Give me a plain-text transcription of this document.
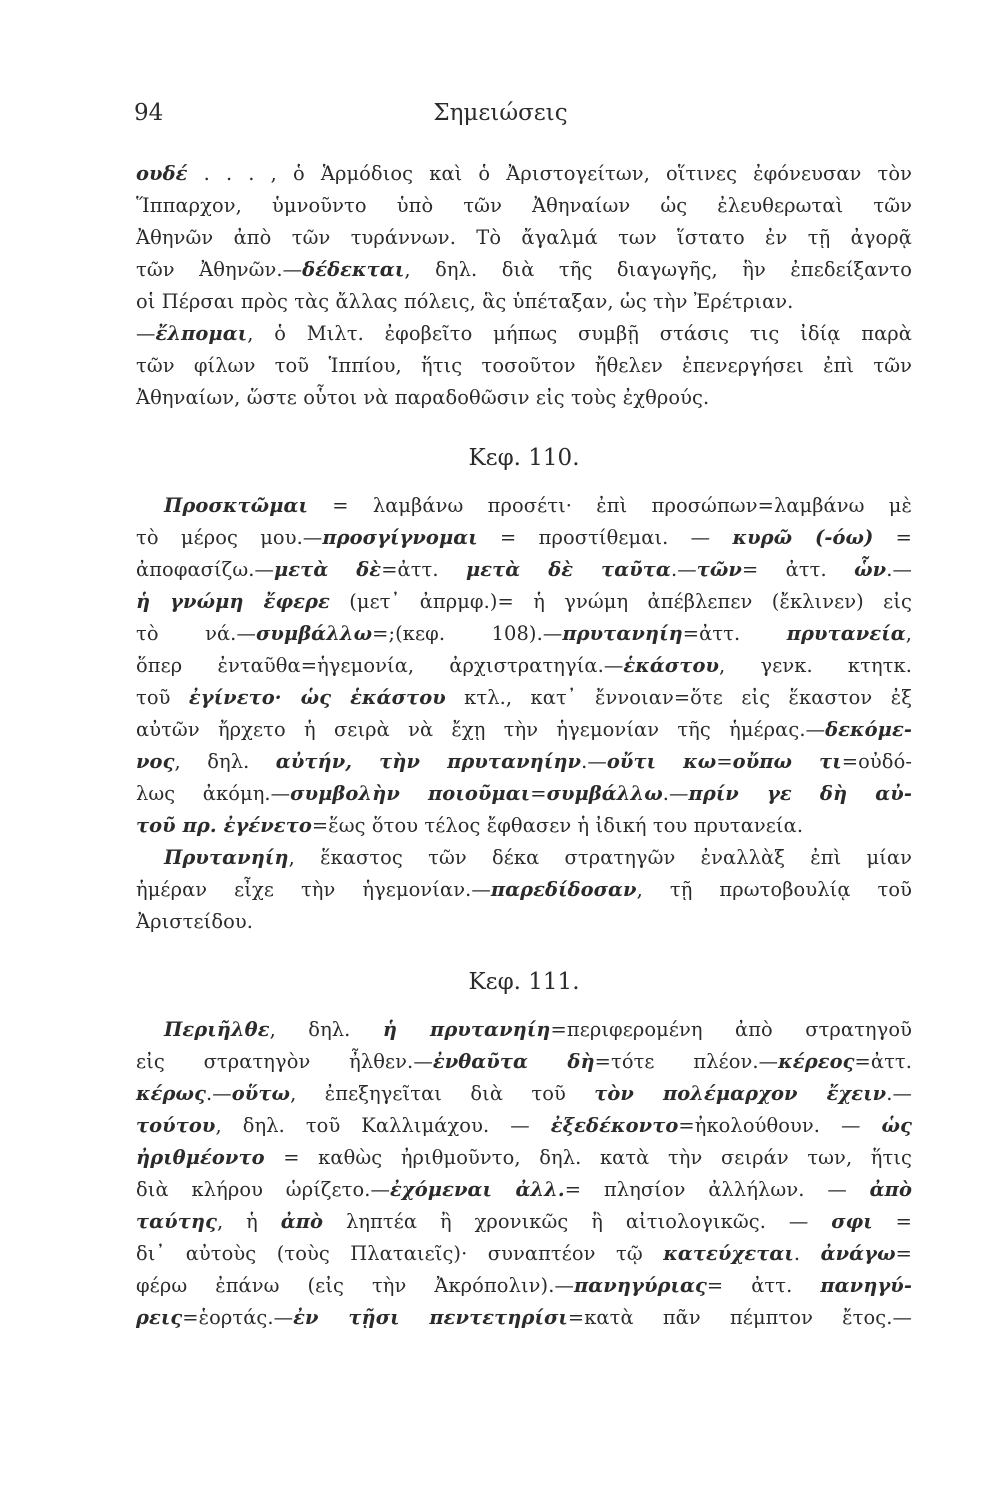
94	Σημειώσεις
ουδέ . . . , ὁ Ἁρμόδιος καὶ ὁ Ἀριστογείτων, οἵτινες ἐφόνευσαν τὸν
Ἵππαρχον, ὑμνοῦντο ὑπὸ τῶν Ἀθηναίων ὡς ἐλευθερωταὶ τῶν
Ἀθηνῶν ἀπὸ τῶν τυράννων. Τὸ ἄγαλμά των ἵστατο ἐν τῇ ἀγορᾷ
τῶν Ἀθηνῶν.—δέδεκται, δηλ. διὰ τῆς διαγωγῆς, ἣν ἐπεδείξαντο
οἱ Πέρσαι πρὸς τὰς ἄλλας πόλεις, ἃς ὑπέταξαν, ὡς τὴν Ἐρέτριαν.
—ἔλπομαι, ὁ Μιλτ. ἐφοβεῖτο μήπως συμβῇ στάσις τις ἰδίᾳ παρὰ
τῶν φίλων τοῦ Ἱππίου, ἥτις τοσοῦτον ἤθελεν ἐπενεργήσει ἐπὶ τῶν
Ἀθηναίων, ὥστε οὗτοι νὰ παραδοθῶσιν εἰς τοὺς ἐχθρούς.
Κεφ. 110.
Προσκτῶμαι = λαμβάνω προσέτι· ἐπὶ προσώπων=λαμβάνω μὲ
τὸ μέρος μου.—προσγίγνομαι = προστίθεμαι. — κυρῶ (-όω) =
ἀποφασίζω.—μετὰ δὲ=ἀττ. μετὰ δὲ ταῦτα.—τῶν= ἀττ. ὧν.—
ἡ γνώμη ἔφερε (μετ᾽ ἀπρμφ.)= ἡ γνώμη ἀπέβλεπεν (ἔκλινεν) εἰς
τὸ νά.—συμβάλλω=;(κεφ. 108).—πρυτανηίη=ἀττ. πρυτανεία,
ὅπερ ἐνταῦθα=ἡγεμονία, ἀρχιστρατηγία.—ἑκάστου, γενκ. κτητκ.
τοῦ ἐγίνετο· ὡς ἑκάστου κτλ., κατ᾽ ἔννοιαν=ὅτε εἰς ἕκαστον ἐξ
αὐτῶν ἤρχετο ἡ σειρὰ νὰ ἔχῃ τὴν ἡγεμονίαν τῆς ἡμέρας.—δεκόμε-
νος, δηλ. αὐτήν, τὴν πρυτανηίην.—οὔτι κω=οὔπω τι=οὐδό-
λως ἀκόμη.—συμβολὴν ποιοῦμαι=συμβάλλω.—πρίν γε δὴ αὐ-
τοῦ πρ. ἐγένετο=ἕως ὅτου τέλος ἔφθασεν ἡ ἰδική του πρυτανεία.
Πρυτανηίη, ἕκαστος τῶν δέκα στρατηγῶν ἐναλλὰξ ἐπὶ μίαν
ἡμέραν εἶχε τὴν ἡγεμονίαν.—παρεδίδοσαν, τῇ πρωτοβουλίᾳ τοῦ
Ἀριστείδου.
Κεφ. 111.
Περιῆλθε, δηλ. ἡ πρυτανηίη=περιφερομένη ἀπὸ στρατηγοῦ
εἰς στρατηγὸν ἦλθεν.—ἐνθαῦτα δὴ=τότε πλέον.—κέρεος=ἀττ.
κέρως.—οὕτω, ἐπεξηγεῖται διὰ τοῦ τὸν πολέμαρχον ἔχειν.—
τούτου, δηλ. τοῦ Καλλιμάχου. — ἐξεδέκοντο=ἠκολούθουν. — ὡς
ἠριθμέοντο = καθὼς ἠριθμοῦντο, δηλ. κατὰ τὴν σειράν των, ἥτις
διὰ κλήρου ὡρίζετο.—ἐχόμεναι ἀλλ.= πλησίον ἀλλήλων. — ἀπὸ
ταύτης, ἡ ἀπὸ ληπτέα ἢ χρονικῶς ἢ αἰτιολογικῶς. — σφι =
δι᾽ αὐτοὺς (τοὺς Πλαταιεῖς)· συναπτέον τῷ κατεύχεται. ἀνάγω=
φέρω ἐπάνω (εἰς τὴν Ἀκρόπολιν).—πανηγύριας= ἀττ. πανηγύ-
ρεις=ἑορτάς.—ἐν τῇσι πεντετηρίσι=κατὰ πᾶν πέμπτον ἔτος.—
